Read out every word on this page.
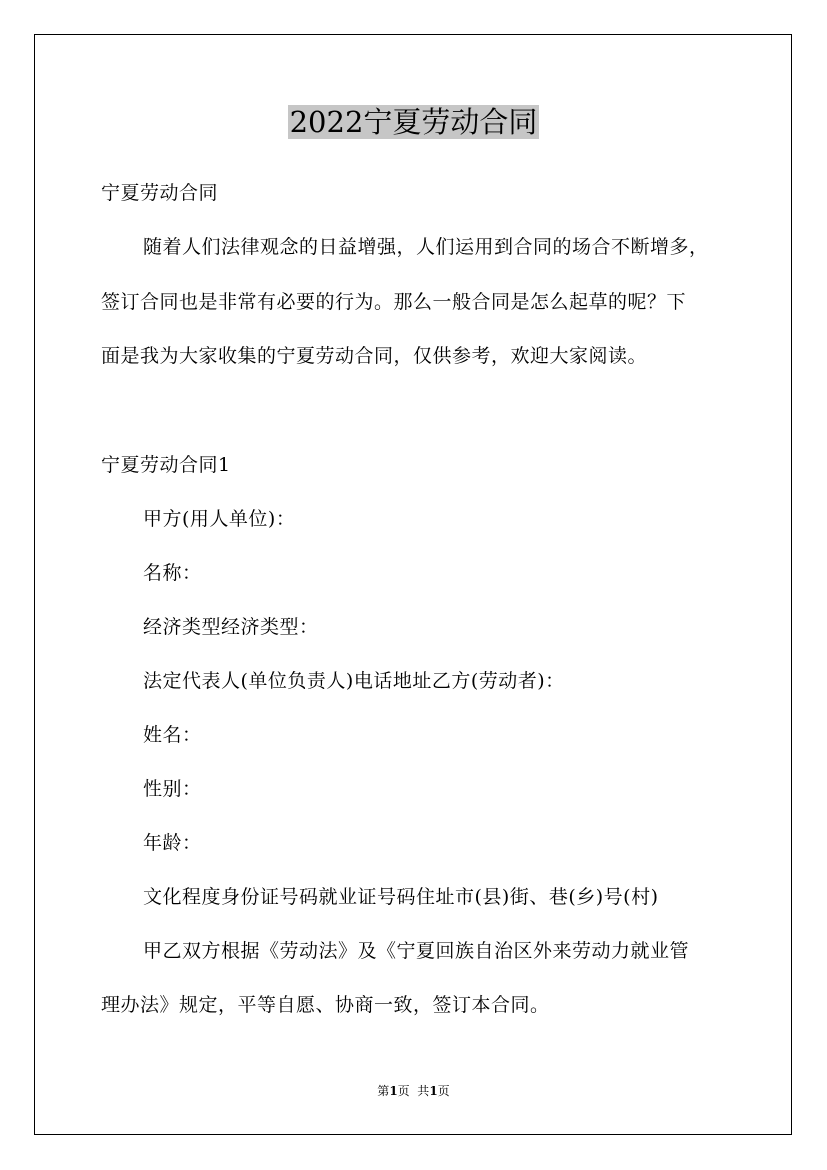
2022宁夏劳动合同
宁夏劳动合同
随着人们法律观念的日益增强，人们运用到合同的场合不断增多，
签订合同也是非常有必要的行为。那么一般合同是怎么起草的呢？下
面是我为大家收集的宁夏劳动合同，仅供参考，欢迎大家阅读。
宁夏劳动合同1
甲方(用人单位)：
名称：
经济类型经济类型：
法定代表人(单位负责人)电话地址乙方(劳动者)：
姓名：
性别：
年龄：
文化程度身份证号码就业证号码住址市(县)街、巷(乡)号(村)
甲乙双方根据《劳动法》及《宁夏回族自治区外来劳动力就业管
理办法》规定，平等自愿、协商一致，签订本合同。
第1页  共1页
